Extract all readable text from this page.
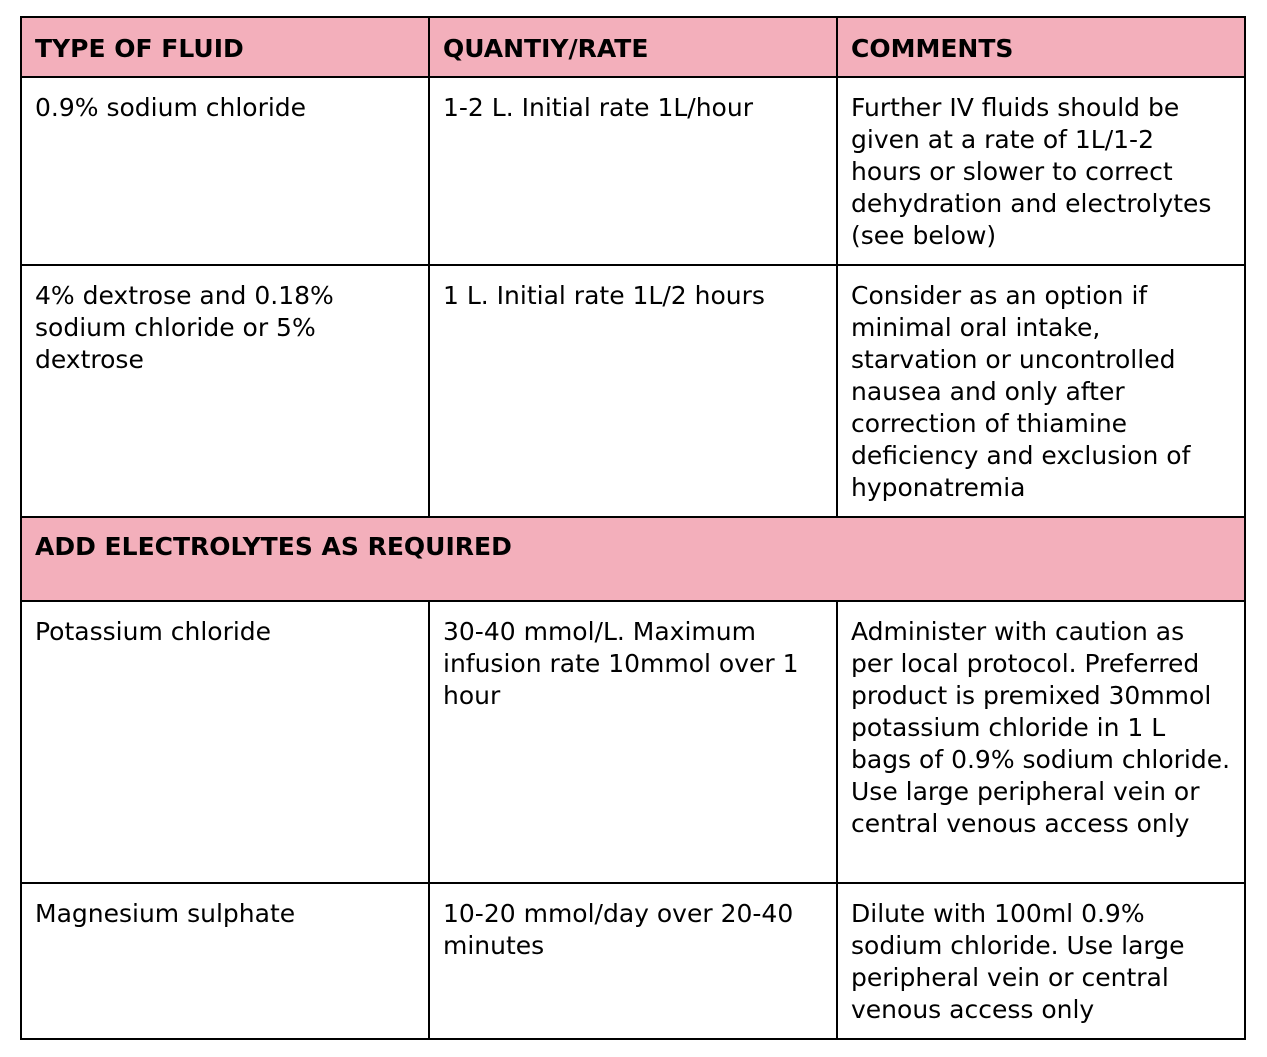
TYPE OF FLUID	QUANTIY/RATE	COMMENTS
0.9% sodium chloride	1-2 L. Initial rate 1L/hour	Further IV fluids should be given at a rate of 1L/1-2 hours or slower to correct dehydration and electrolytes (see below)
4% dextrose and 0.18% sodium chloride or 5% dextrose	1 L. Initial rate 1L/2 hours	Consider as an option if minimal oral intake, starvation or uncontrolled nausea and only after correction of thiamine deficiency and exclusion of hyponatremia
ADD ELECTROLYTES AS REQUIRED		
Potassium chloride	30-40 mmol/L. Maximum infusion rate 10mmol over 1 hour	Administer with caution as per local protocol. Preferred product is premixed 30mmol potassium chloride in 1 L bags of 0.9% sodium chloride. Use large peripheral vein or central venous access only
Magnesium sulphate	10-20 mmol/day over 20-40 minutes	Dilute with 100ml 0.9% sodium chloride. Use large peripheral vein or central venous access only
